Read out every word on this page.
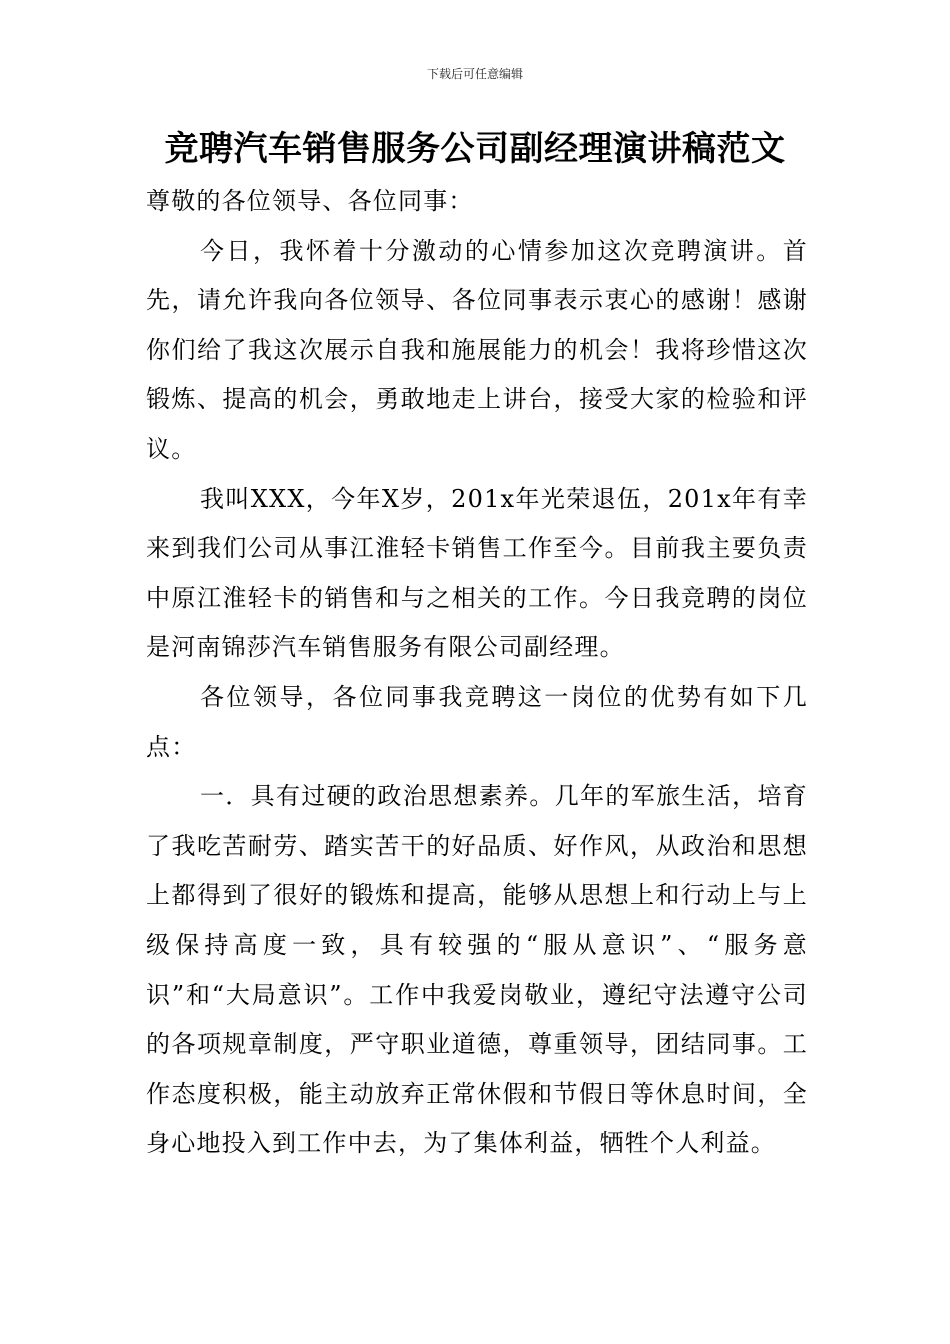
下载后可任意编辑
竞聘汽车销售服务公司副经理演讲稿范文

尊敬的各位领导、各位同事：

今日，我怀着十分激动的心情参加这次竞聘演讲。首先，请允许我向各位领导、各位同事表示衷心的感谢！感谢你们给了我这次展示自我和施展能力的机会！我将珍惜这次锻炼、提高的机会，勇敢地走上讲台，接受大家的检验和评议。

我叫XXX，今年X岁，201x年光荣退伍，201x年有幸来到我们公司从事江淮轻卡销售工作至今。目前我主要负责中原江淮轻卡的销售和与之相关的工作。今日我竞聘的岗位是河南锦莎汽车销售服务有限公司副经理。

各位领导，各位同事我竞聘这一岗位的优势有如下几点：

一．具有过硬的政治思想素养。几年的军旅生活，培育了我吃苦耐劳、踏实苦干的好品质、好作风，从政治和思想上都得到了很好的锻炼和提高，能够从思想上和行动上与上级保持高度一致，具有较强的“服从意识”、“服务意识”和“大局意识”。工作中我爱岗敬业，遵纪守法遵守公司的各项规章制度，严守职业道德，尊重领导，团结同事。工作态度积极，能主动放弃正常休假和节假日等休息时间，全身心地投入到工作中去，为了集体利益，牺牲个人利益。
